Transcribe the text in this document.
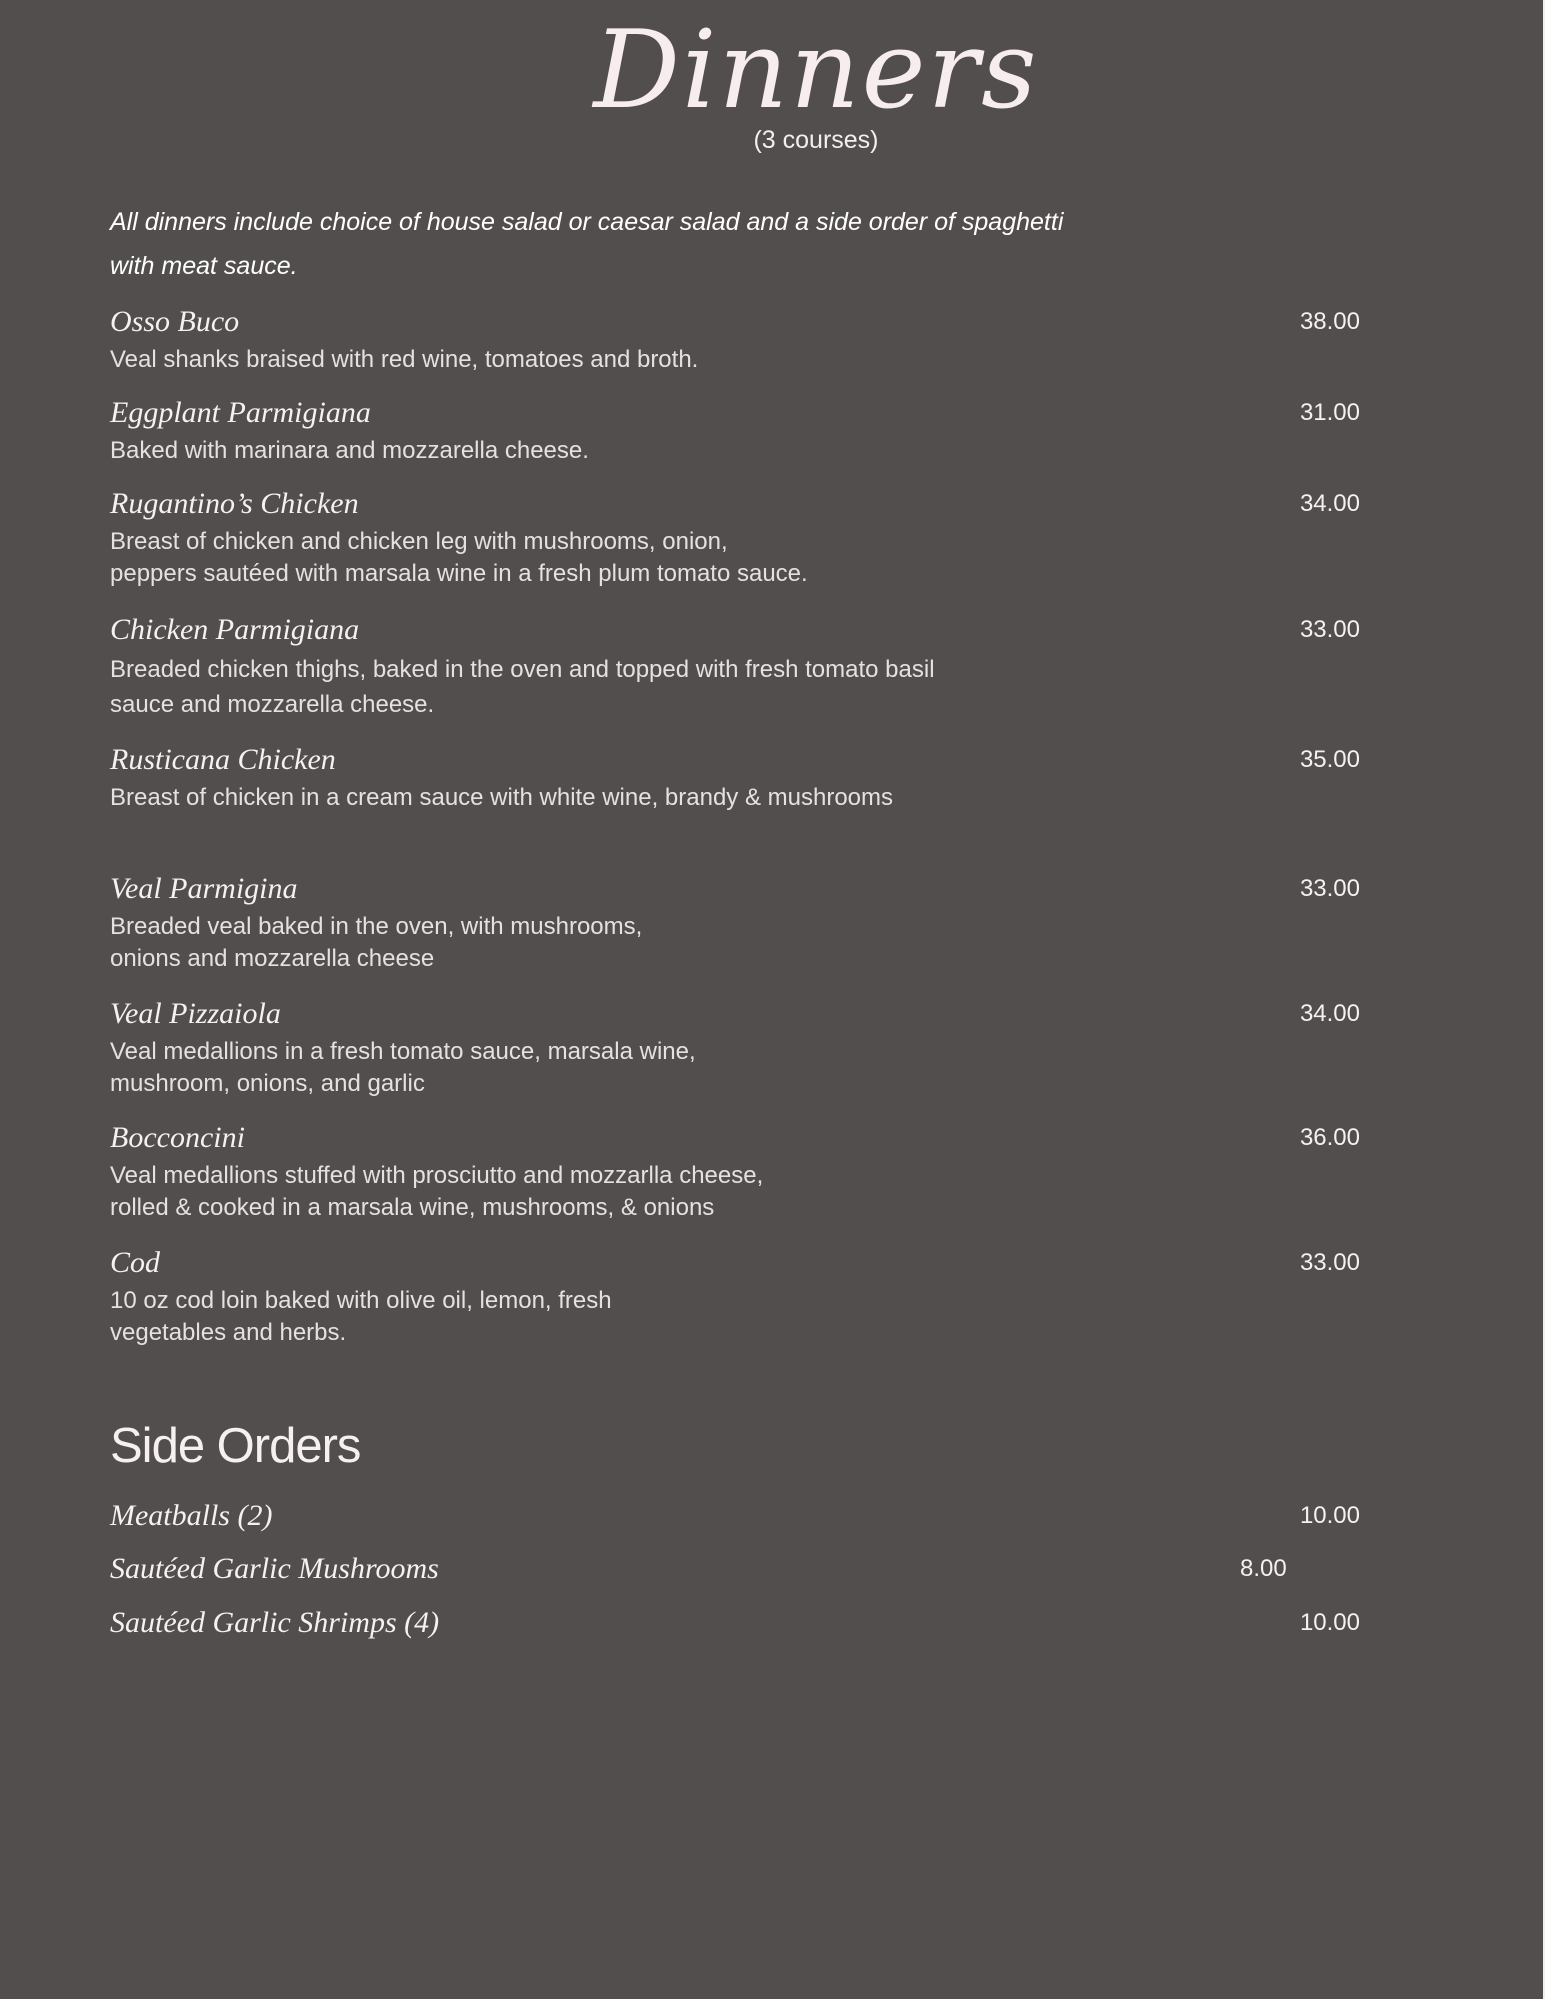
Dinners
(3 courses)
All dinners include choice of house salad or caesar salad and a side order of spaghetti
with meat sauce.
Osso Buco	38.00
Veal shanks braised with red wine, tomatoes and broth.
Eggplant Parmigiana	31.00
Baked with marinara and mozzarella cheese.
Rugantino’s Chicken	34.00
Breast of chicken and chicken leg with mushrooms, onion,
peppers sautéed with marsala wine in a fresh plum tomato sauce.
Chicken Parmigiana	33.00
Breaded chicken thighs, baked in the oven and topped with fresh tomato basil
sauce and mozzarella cheese.
Rusticana Chicken	35.00
Breast of chicken in a cream sauce with white wine, brandy & mushrooms
Veal Parmigina	33.00
Breaded veal baked in the oven, with mushrooms,
onions and mozzarella cheese
Veal Pizzaiola	34.00
Veal medallions in a fresh tomato sauce, marsala wine,
mushroom, onions, and garlic
Bocconcini	36.00
Veal medallions stuffed with prosciutto and mozzarlla cheese,
rolled & cooked in a marsala wine, mushrooms, & onions
Cod	33.00
10 oz cod loin baked with olive oil, lemon, fresh
vegetables and herbs.
Side Orders
Meatballs (2)	10.00
Sautéed Garlic Mushrooms	8.00
Sautéed Garlic Shrimps (4)	10.00
